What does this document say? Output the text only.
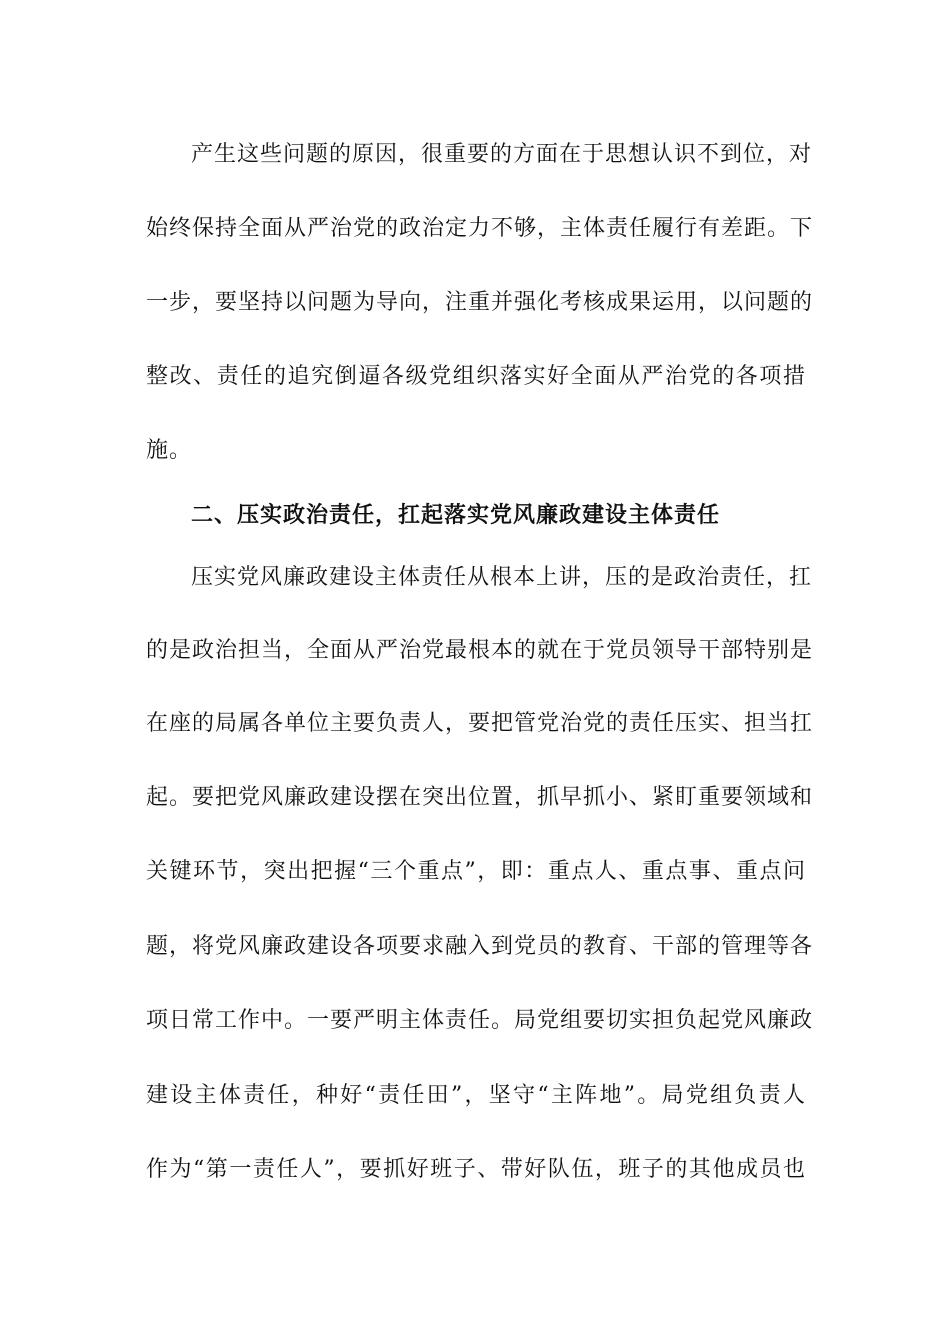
产生这些问题的原因，很重要的方面在于思想认识不到位，对
始终保持全面从严治党的政治定力不够，主体责任履行有差距。下
一步，要坚持以问题为导向，注重并强化考核成果运用，以问题的
整改、责任的追究倒逼各级党组织落实好全面从严治党的各项措
施。
二、压实政治责任，扛起落实党风廉政建设主体责任
压实党风廉政建设主体责任从根本上讲，压的是政治责任，扛
的是政治担当，全面从严治党最根本的就在于党员领导干部特别是
在座的局属各单位主要负责人，要把管党治党的责任压实、担当扛
起。要把党风廉政建设摆在突出位置，抓早抓小、紧盯重要领域和
关键环节，突出把握“三个重点”，即：重点人、重点事、重点问
题，将党风廉政建设各项要求融入到党员的教育、干部的管理等各
项日常工作中。一要严明主体责任。局党组要切实担负起党风廉政
建设主体责任，种好“责任田”，坚守“主阵地”。局党组负责人
作为“第一责任人”，要抓好班子、带好队伍，班子的其他成员也
